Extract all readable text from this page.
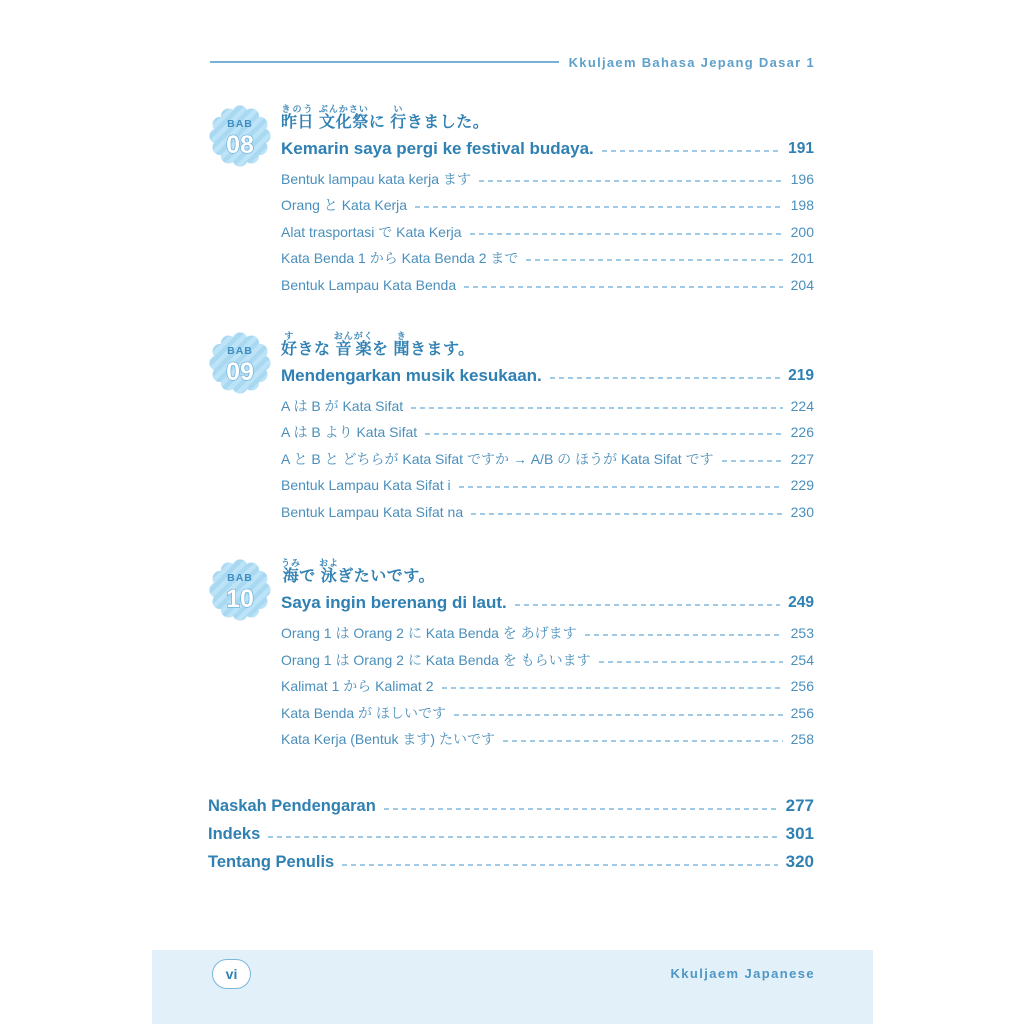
Kkuljaem Bahasa Jepang Dasar 1
BAB
08
昨日きのう 文化祭ぶんかさいに 行いきました。
Kemarin saya pergi ke festival budaya.	191
Bentuk lampau kata kerja ます	196
Orang と Kata Kerja	198
Alat trasportasi で Kata Kerja	200
Kata Benda 1 から Kata Benda 2 まで	201
Bentuk Lampau Kata Benda	204
BAB
09
好すきな 音楽おんがくを 聞ききます。
Mendengarkan musik kesukaan.	219
A は B が Kata Sifat	224
A は B より Kata Sifat	226
A と B と どちらが Kata Sifat ですか → A/B の ほうが Kata Sifat です	227
Bentuk Lampau Kata Sifat i	229
Bentuk Lampau Kata Sifat na	230
BAB
10
海うみで 泳およぎたいです。
Saya ingin berenang di laut.	249
Orang 1 は Orang 2 に Kata Benda を あげます	253
Orang 1 は Orang 2 に Kata Benda を もらいます	254
Kalimat 1 から Kalimat 2	256
Kata Benda が ほしいです	256
Kata Kerja (Bentuk ます) たいです	258
Naskah Pendengaran	277
Indeks	301
Tentang Penulis	320
vi	Kkuljaem Japanese
